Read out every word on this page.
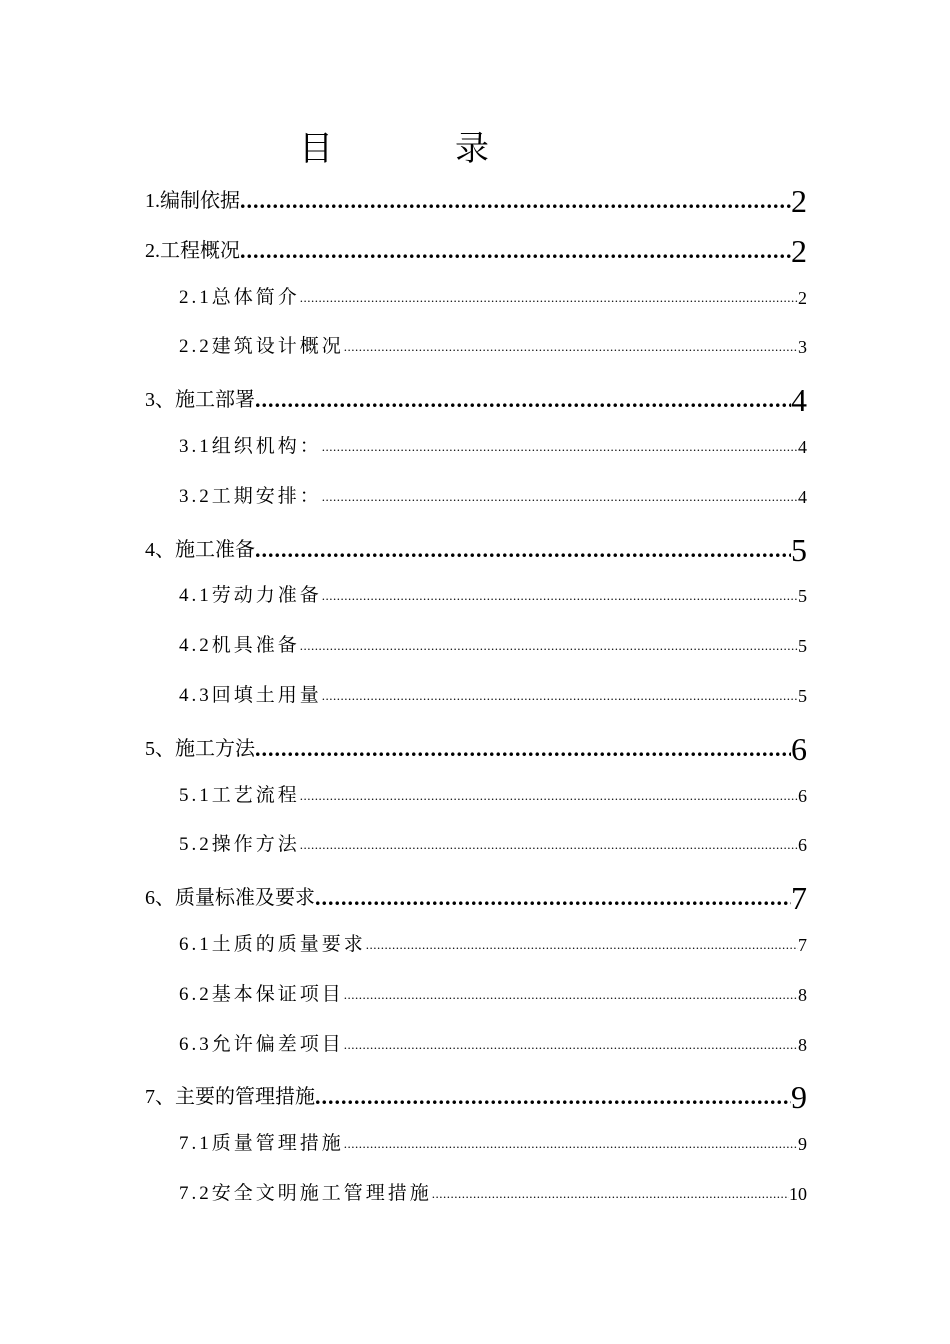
目　录
1.编制依据 .....	2
2.工程概况 .....	2
2.1总体简介 .....	2
2.2建筑设计概况 .....	3
3、施工部署 .....	4
3.1组织机构： .....	4
3.2工期安排： .....	4
4、施工准备 .....	5
4.1劳动力准备 .....	5
4.2机具准备 .....	5
4.3回填土用量 .....	5
5、施工方法 .....	6
5.1工艺流程 .....	6
5.2操作方法 .....	6
6、质量标准及要求 .....	7
6.1土质的质量要求 .....	7
6.2基本保证项目 .....	8
6.3允许偏差项目 .....	8
7、主要的管理措施 .....	9
7.1质量管理措施 .....	9
7.2安全文明施工管理措施 .....	10
